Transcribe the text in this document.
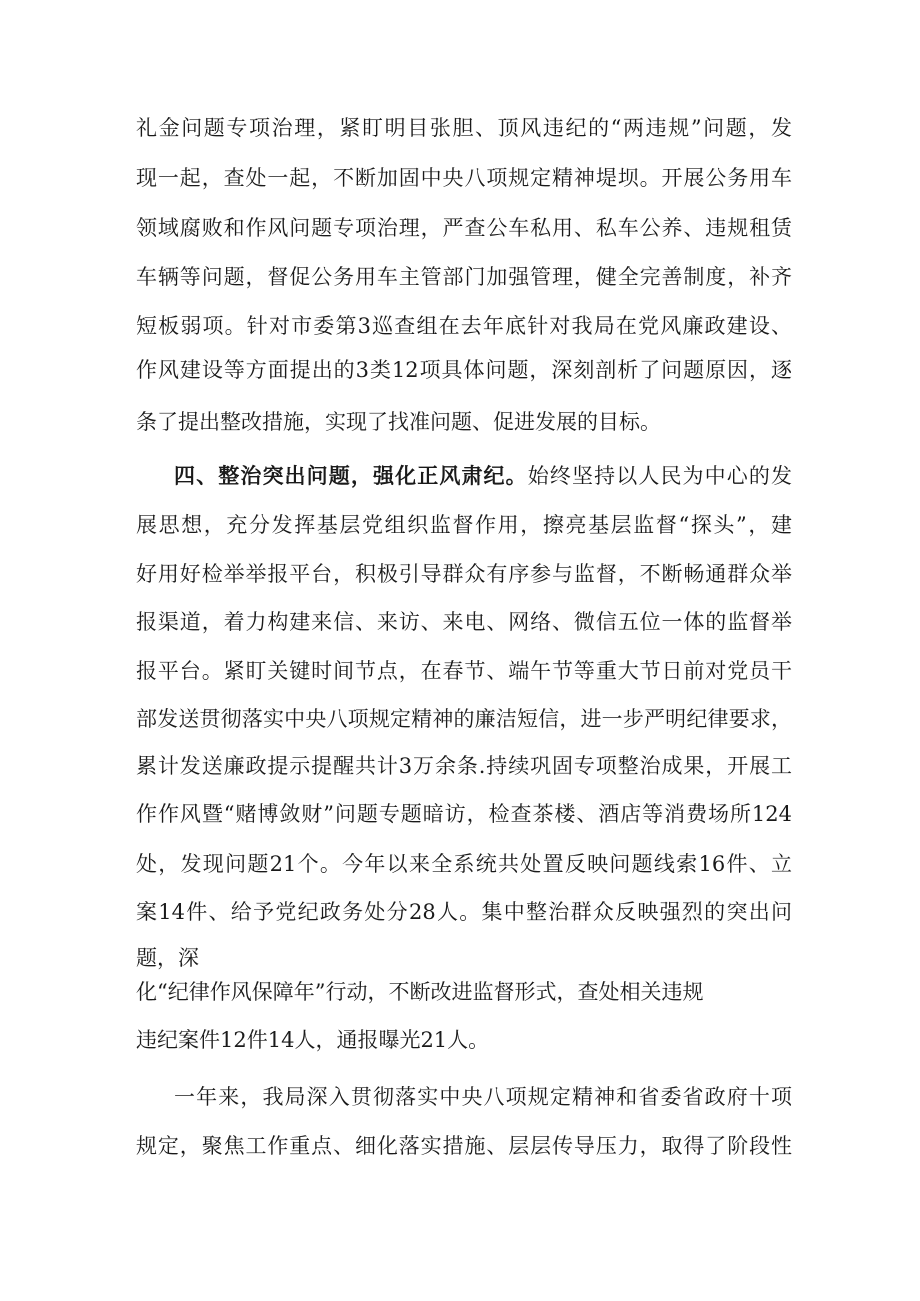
礼金问题专项治理，紧盯明目张胆、顶风违纪的“两违规”问题，发
现一起，查处一起，不断加固中央八项规定精神堤坝。开展公务用车
领域腐败和作风问题专项治理，严查公车私用、私车公养、违规租赁
车辆等问题，督促公务用车主管部门加强管理，健全完善制度，补齐
短板弱项。针对市委第3巡查组在去年底针对我局在党风廉政建设、
作风建设等方面提出的3类12项具体问题，深刻剖析了问题原因，逐
条了提出整改措施，实现了找准问题、促进发展的目标。
四、整治突出问题，强化正风肃纪。始终坚持以人民为中心的发
展思想，充分发挥基层党组织监督作用，擦亮基层监督“探头”，建
好用好检举举报平台，积极引导群众有序参与监督，不断畅通群众举
报渠道，着力构建来信、来访、来电、网络、微信五位一体的监督举
报平台。紧盯关键时间节点，在春节、端午节等重大节日前对党员干
部发送贯彻落实中央八项规定精神的廉洁短信，进一步严明纪律要求，
累计发送廉政提示提醒共计3万余条.持续巩固专项整治成果，开展工
作作风暨“赌博敛财”问题专题暗访，检查茶楼、酒店等消费场所124
处，发现问题21个。今年以来全系统共处置反映问题线索16件、立
案14件、给予党纪政务处分28人。集中整治群众反映强烈的突出问
题，深
化“纪律作风保障年”行动，不断改进监督形式，查处相关违规
违纪案件12件14人，通报曝光21人。
一年来，我局深入贯彻落实中央八项规定精神和省委省政府十项
规定，聚焦工作重点、细化落实措施、层层传导压力，取得了阶段性
